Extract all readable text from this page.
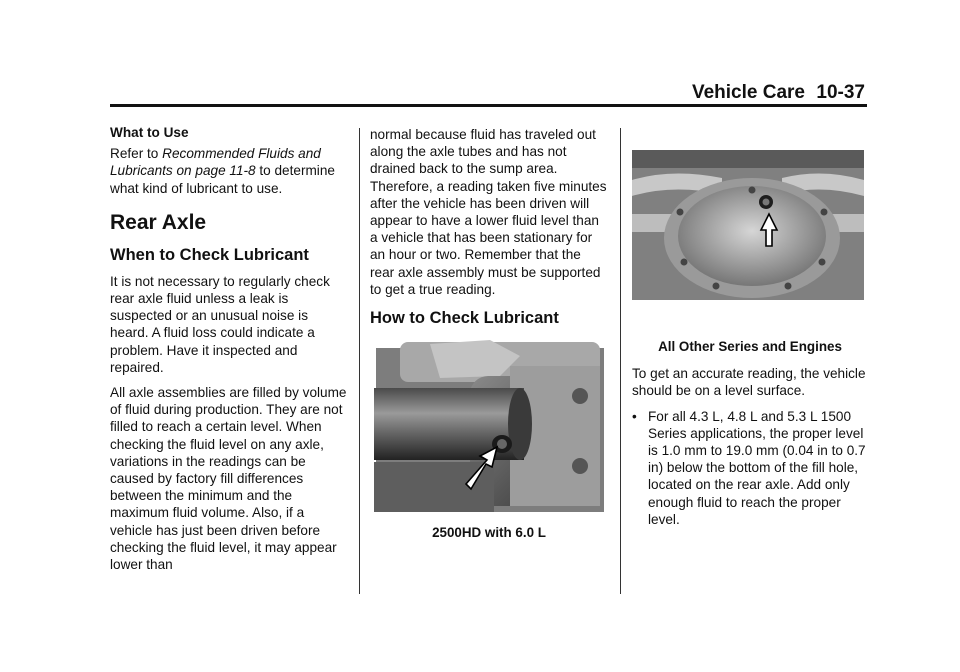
Vehicle Care 10-37

What to Use

Refer to Recommended Fluids and Lubricants on page 11-8 to determine what kind of lubricant to use.

Rear Axle

When to Check Lubricant

It is not necessary to regularly check rear axle fluid unless a leak is suspected or an unusual noise is heard. A fluid loss could indicate a problem. Have it inspected and repaired.

All axle assemblies are filled by volume of fluid during production. They are not filled to reach a certain level. When checking the fluid level on any axle, variations in the readings can be caused by factory fill differences between the minimum and the maximum fluid volume. Also, if a vehicle has just been driven before checking the fluid level, it may appear lower than

normal because fluid has traveled out along the axle tubes and has not drained back to the sump area. Therefore, a reading taken five minutes after the vehicle has been driven will appear to have a lower fluid level than a vehicle that has been stationary for an hour or two. Remember that the rear axle assembly must be supported to get a true reading.

How to Check Lubricant

2500HD with 6.0 L

All Other Series and Engines

To get an accurate reading, the vehicle should be on a level surface.

• For all 4.3 L, 4.8 L and 5.3 L 1500 Series applications, the proper level is 1.0 mm to 19.0 mm (0.04 in to 0.7 in) below the bottom of the fill hole, located on the rear axle. Add only enough fluid to reach the proper level.
